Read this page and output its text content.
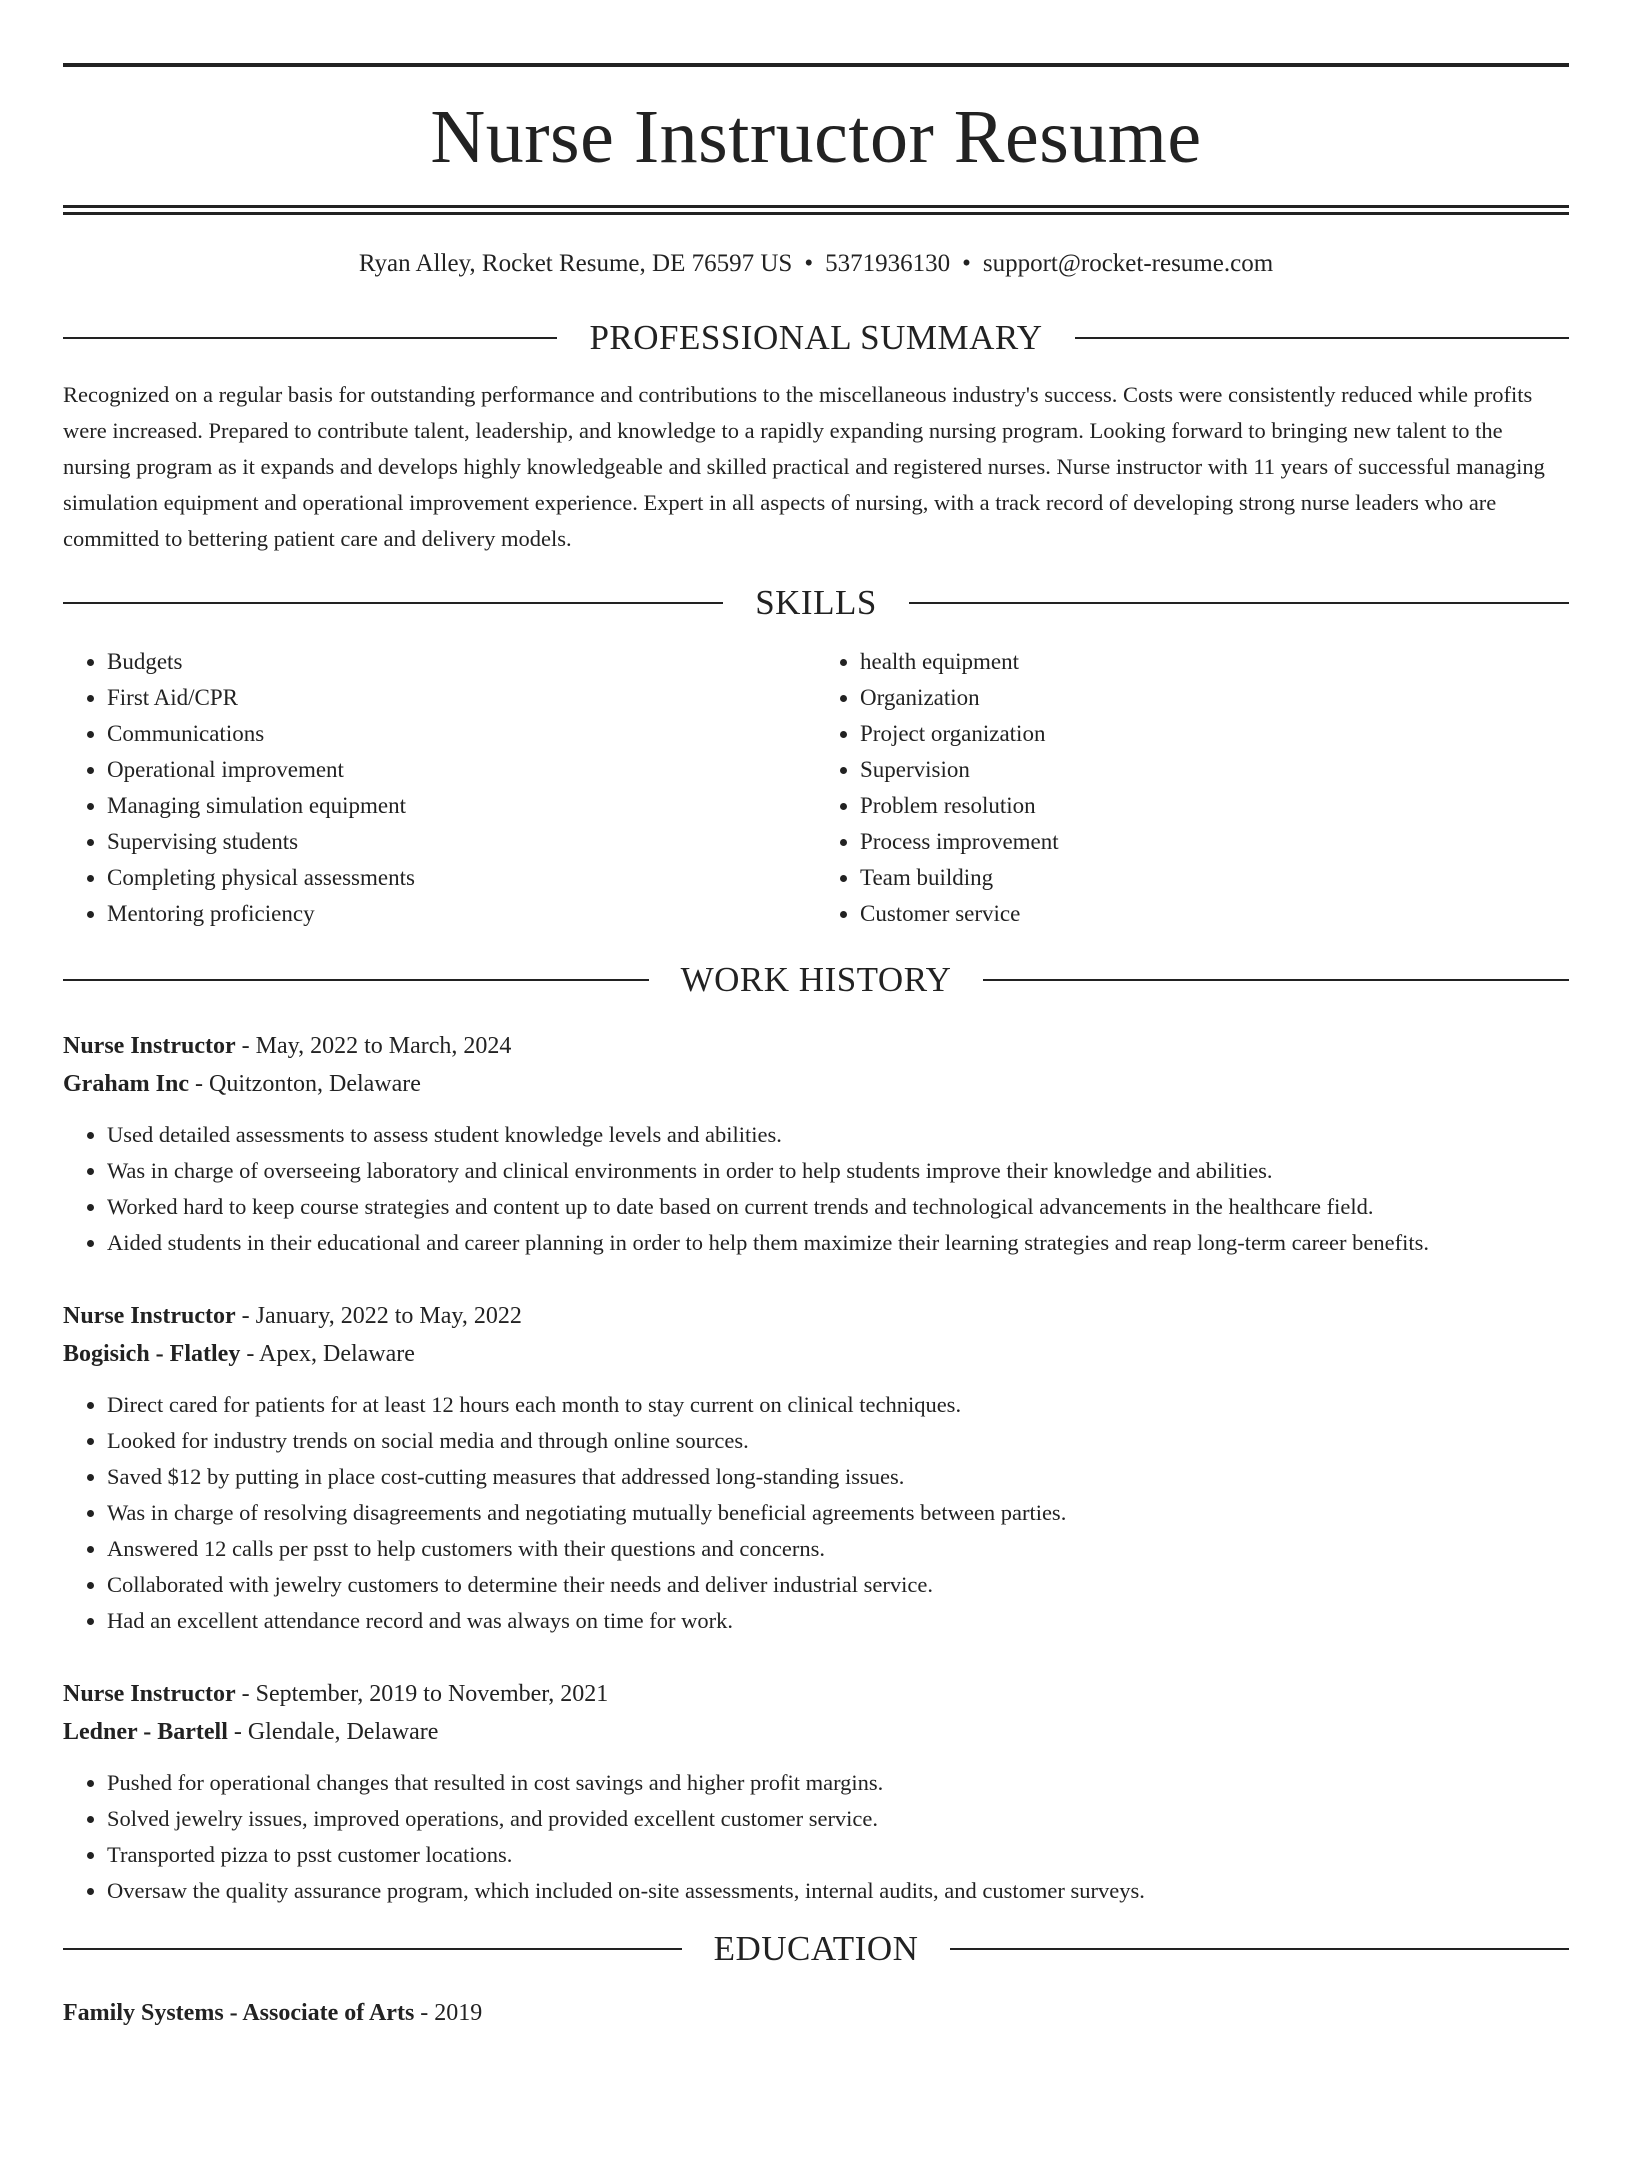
Nurse Instructor Resume
Ryan Alley, Rocket Resume, DE 76597 US • 5371936130 • support@rocket-resume.com
PROFESSIONAL SUMMARY
Recognized on a regular basis for outstanding performance and contributions to the miscellaneous industry's success. Costs were consistently reduced while profits were increased. Prepared to contribute talent, leadership, and knowledge to a rapidly expanding nursing program. Looking forward to bringing new talent to the nursing program as it expands and develops highly knowledgeable and skilled practical and registered nurses. Nurse instructor with 11 years of successful managing simulation equipment and operational improvement experience. Expert in all aspects of nursing, with a track record of developing strong nurse leaders who are committed to bettering patient care and delivery models.
SKILLS
• Budgets
• First Aid/CPR
• Communications
• Operational improvement
• Managing simulation equipment
• Supervising students
• Completing physical assessments
• Mentoring proficiency
• health equipment
• Organization
• Project organization
• Supervision
• Problem resolution
• Process improvement
• Team building
• Customer service
WORK HISTORY
Nurse Instructor - May, 2022 to March, 2024
Graham Inc - Quitzonton, Delaware
• Used detailed assessments to assess student knowledge levels and abilities.
• Was in charge of overseeing laboratory and clinical environments in order to help students improve their knowledge and abilities.
• Worked hard to keep course strategies and content up to date based on current trends and technological advancements in the healthcare field.
• Aided students in their educational and career planning in order to help them maximize their learning strategies and reap long-term career benefits.
Nurse Instructor - January, 2022 to May, 2022
Bogisich - Flatley - Apex, Delaware
• Direct cared for patients for at least 12 hours each month to stay current on clinical techniques.
• Looked for industry trends on social media and through online sources.
• Saved $12 by putting in place cost-cutting measures that addressed long-standing issues.
• Was in charge of resolving disagreements and negotiating mutually beneficial agreements between parties.
• Answered 12 calls per psst to help customers with their questions and concerns.
• Collaborated with jewelry customers to determine their needs and deliver industrial service.
• Had an excellent attendance record and was always on time for work.
Nurse Instructor - September, 2019 to November, 2021
Ledner - Bartell - Glendale, Delaware
• Pushed for operational changes that resulted in cost savings and higher profit margins.
• Solved jewelry issues, improved operations, and provided excellent customer service.
• Transported pizza to psst customer locations.
• Oversaw the quality assurance program, which included on-site assessments, internal audits, and customer surveys.
EDUCATION
Family Systems - Associate of Arts - 2019
